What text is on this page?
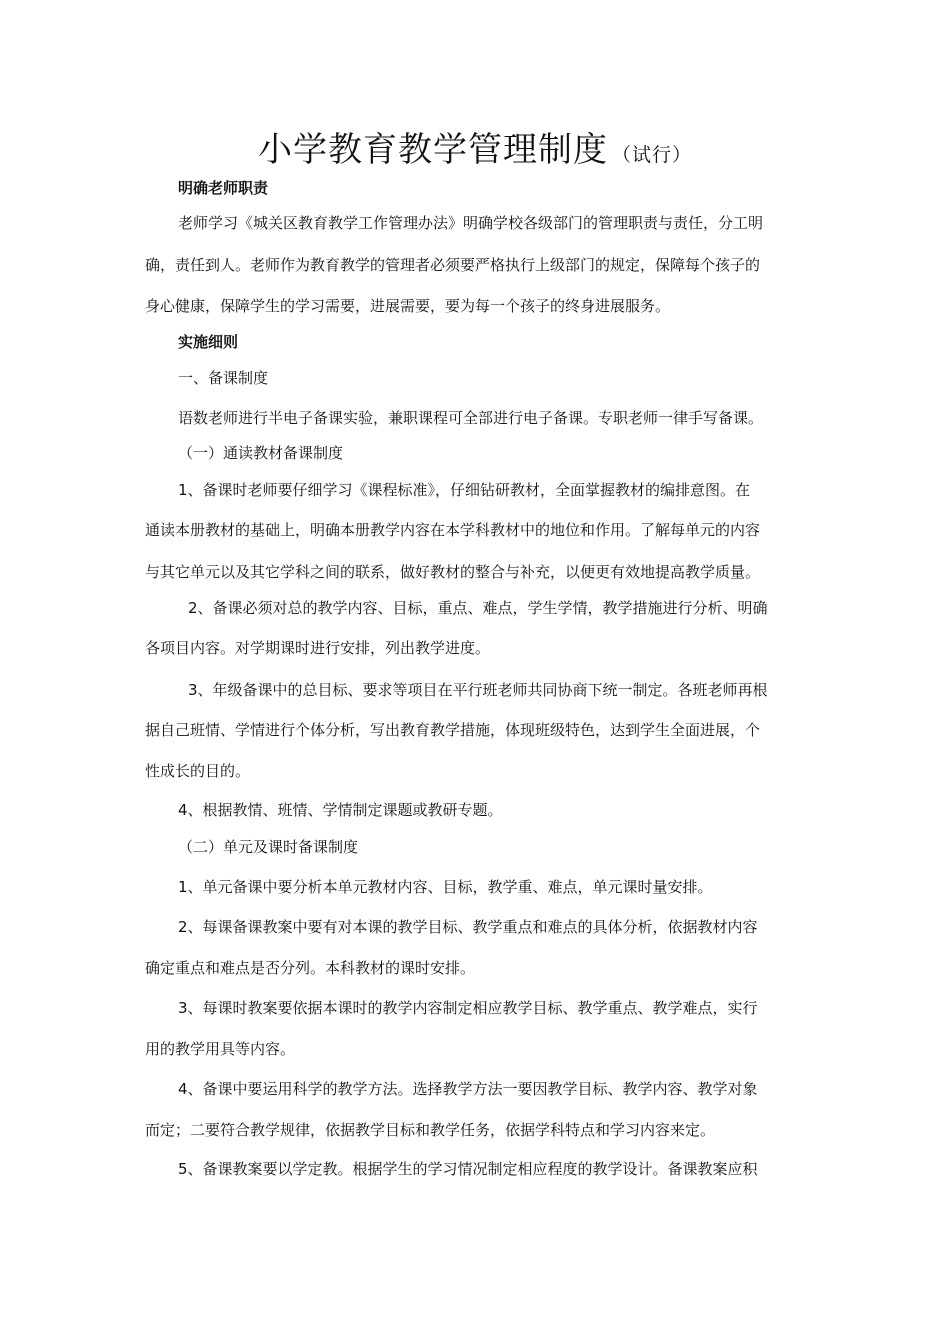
小学教育教学管理制度 （试行）
明确老师职责
老师学习《城关区教育教学工作管理办法》明确学校各级部门的管理职责与责任，分工明
确，责任到人。老师作为教育教学的管理者必须要严格执行上级部门的规定，保障每个孩子的
身心健康，保障学生的学习需要，进展需要，要为每一个孩子的终身进展服务。
实施细则
一、备课制度
语数老师进行半电子备课实验，兼职课程可全部进行电子备课。专职老师一律手写备课。
（一）通读教材备课制度
1、备课时老师要仔细学习《课程标准》，仔细钻研教材，全面掌握教材的编排意图。在
通读本册教材的基础上，明确本册教学内容在本学科教材中的地位和作用。了解每单元的内容
与其它单元以及其它学科之间的联系，做好教材的整合与补充，以便更有效地提高教学质量。
2、备课必须对总的教学内容、目标，重点、难点，学生学情，教学措施进行分析、明确
各项目内容。对学期课时进行安排，列出教学进度。
3、年级备课中的总目标、要求等项目在平行班老师共同协商下统一制定。各班老师再根
据自己班情、学情进行个体分析，写出教育教学措施，体现班级特色，达到学生全面进展，个
性成长的目的。
4、根据教情、班情、学情制定课题或教研专题。
（二）单元及课时备课制度
1、单元备课中要分析本单元教材内容、目标，教学重、难点，单元课时量安排。
2、每课备课教案中要有对本课的教学目标、教学重点和难点的具体分析，依据教材内容
确定重点和难点是否分列。本科教材的课时安排。
3、每课时教案要依据本课时的教学内容制定相应教学目标、教学重点、教学难点，实行
用的教学用具等内容。
4、备课中要运用科学的教学方法。选择教学方法一要因教学目标、教学内容、教学对象
而定；二要符合教学规律，依据教学目标和教学任务，依据学科特点和学习内容来定。
5、备课教案要以学定教。根据学生的学习情况制定相应程度的教学设计。备课教案应积
